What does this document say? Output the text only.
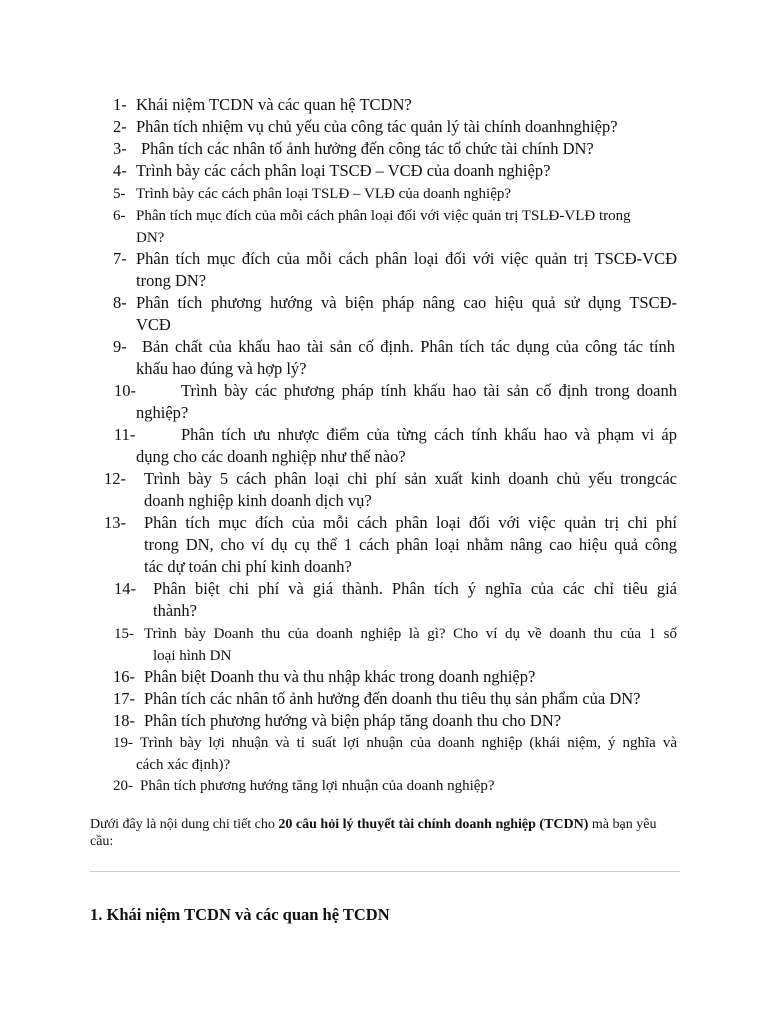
1- Khái niệm TCDN và các quan hệ TCDN?
2- Phân tích nhiệm vụ chủ yếu của công tác quản lý tài chính doanhnghiệp?
3- Phân tích các nhân tố ảnh hưởng đến công tác tổ chức tài chính DN?
4- Trình bày các cách phân loại TSCĐ – VCĐ của doanh nghiệp?
5- Trình bày các cách phân loại TSLĐ – VLĐ của doanh nghiệp?
6- Phân tích mục đích của mỗi cách phân loại đối với việc quản trị TSLĐ-VLĐ trong
DN?
7- Phân tích mục đích của mỗi cách phân loại đối với việc quản trị TSCĐ-VCĐ
trong DN?
8- Phân tích phương hướng và biện pháp nâng cao hiệu quả sử dụng TSCĐ-
VCĐ
9- Bản chất của khấu hao tài sản cố định. Phân tích tác dụng của công tác tính
khấu hao đúng và hợp lý?
10-	Trình bày các phương pháp tính khấu hao tài sản cố định trong doanh
nghiệp?
11-	Phân tích ưu nhược điểm của từng cách tính khấu hao và phạm vi áp
dụng cho các doanh nghiệp như thế nào?
12- Trình bày 5 cách phân loại chi phí sản xuất kinh doanh chủ yếu trongcác
doanh nghiệp kinh doanh dịch vụ?
13- Phân tích mục đích của mỗi cách phân loại đối với việc quản trị chi phí
trong DN, cho ví dụ cụ thể 1 cách phân loại nhằm nâng cao hiệu quả công
tác dự toán chi phí kinh doanh?
14- Phân biệt chi phí và giá thành. Phân tích ý nghĩa của các chỉ tiêu giá
thành?
15- Trình bày Doanh thu của doanh nghiệp là gì? Cho ví dụ về doanh thu của 1 số
loại hình DN
16- Phân biệt Doanh thu và thu nhập khác trong doanh nghiệp?
17- Phân tích các nhân tố ảnh hưởng đến doanh thu tiêu thụ sản phẩm của DN?
18- Phân tích phương hướng và biện pháp tăng doanh thu cho DN?
19- Trình bày lợi nhuận và tỉ suất lợi nhuận của doanh nghiệp (khái niệm, ý nghĩa và
cách xác định)?
20- Phân tích phương hướng tăng lợi nhuận của doanh nghiệp?
Dưới đây là nội dung chi tiết cho 20 câu hỏi lý thuyết tài chính doanh nghiệp (TCDN) mà bạn yêu cầu:
1. Khái niệm TCDN và các quan hệ TCDN
